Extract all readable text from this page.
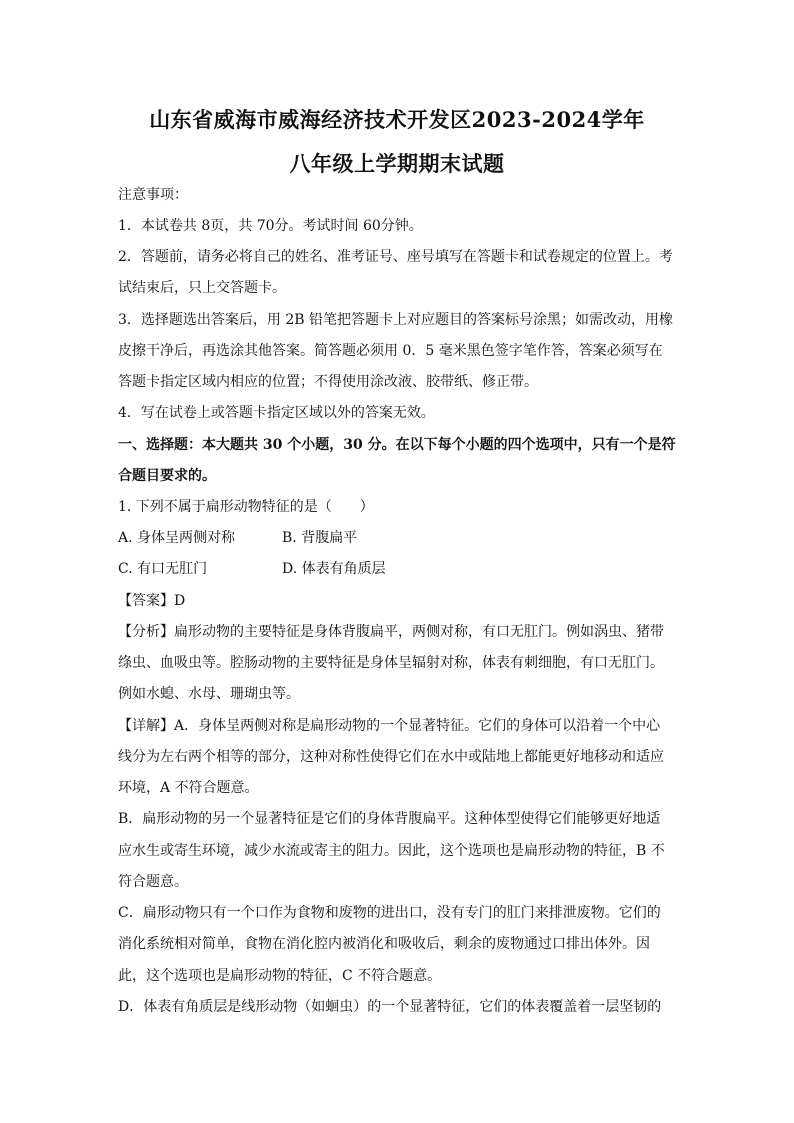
山东省威海市威海经济技术开发区2023-2024学年
八年级上学期期末试题
注意事项：
1．本试卷共 8页，共 70分。考试时间 60分钟。
2．答题前，请务必将自己的姓名、准考证号、座号填写在答题卡和试卷规定的位置上。考
试结束后，只上交答题卡。
3．选择题选出答案后，用 2B 铅笔把答题卡上对应题目的答案标号涂黑；如需改动，用橡
皮擦干净后，再选涂其他答案。简答题必须用 0．5 毫米黑色签字笔作答，答案必须写在
答题卡指定区域内相应的位置；不得使用涂改液、胶带纸、修正带。
4．写在试卷上或答题卡指定区域以外的答案无效。
一、选择题：本大题共 30 个小题，30 分。在以下每个小题的四个选项中，只有一个是符
合题目要求的。
1. 下列不属于扁形动物特征的是（　　）
A. 身体呈两侧对称	B. 背腹扁平
C. 有口无肛门	D. 体表有角质层
【答案】D
【分析】扁形动物的主要特征是身体背腹扁平，两侧对称，有口无肛门。例如涡虫、猪带
绦虫、血吸虫等。腔肠动物的主要特征是身体呈辐射对称，体表有刺细胞，有口无肛门。
例如水螅、水母、珊瑚虫等。
【详解】A．身体呈两侧对称是扁形动物的一个显著特征。它们的身体可以沿着一个中心
线分为左右两个相等的部分，这种对称性使得它们在水中或陆地上都能更好地移动和适应
环境，A 不符合题意。
B．扁形动物的另一个显著特征是它们的身体背腹扁平。这种体型使得它们能够更好地适
应水生或寄生环境，减少水流或寄主的阻力。因此，这个选项也是扁形动物的特征，B 不
符合题意。
C．扁形动物只有一个口作为食物和废物的进出口，没有专门的肛门来排泄废物。它们的
消化系统相对简单，食物在消化腔内被消化和吸收后，剩余的废物通过口排出体外。因
此，这个选项也是扁形动物的特征，C 不符合题意。
D．体表有角质层是线形动物（如蛔虫）的一个显著特征，它们的体表覆盖着一层坚韧的
